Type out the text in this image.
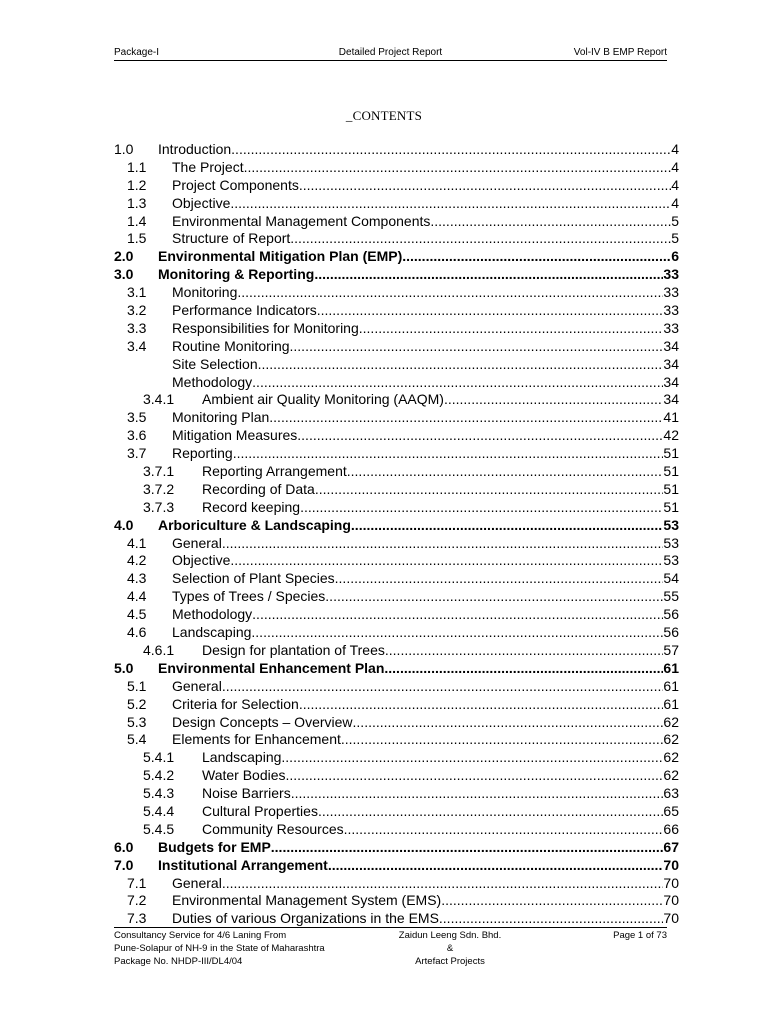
Package-I	Detailed Project Report	Vol-IV B EMP Report
_CONTENTS
1.0 Introduction .....	4
1.1 The Project .....	4
1.2 Project Components .....	4
1.3 Objective .....	4
1.4 Environmental Management Components .....	5
1.5 Structure of Report .....	5
2.0 Environmental Mitigation Plan (EMP) .....	6
3.0 Monitoring & Reporting .....	33
3.1 Monitoring .....	33
3.2 Performance Indicators .....	33
3.3 Responsibilities for Monitoring .....	33
3.4 Routine Monitoring .....	34
Site Selection .....	34
Methodology .....	34
3.4.1 Ambient air Quality Monitoring (AAQM) .....	34
3.5 Monitoring Plan .....	41
3.6 Mitigation Measures .....	42
3.7 Reporting .....	51
3.7.1 Reporting Arrangement .....	51
3.7.2 Recording of Data .....	51
3.7.3 Record keeping .....	51
4.0 Arboriculture & Landscaping .....	53
4.1 General .....	53
4.2 Objective .....	53
4.3 Selection of Plant Species .....	54
4.4 Types of Trees / Species .....	55
4.5 Methodology .....	56
4.6 Landscaping .....	56
4.6.1 Design for plantation of Trees .....	57
5.0 Environmental Enhancement Plan .....	61
5.1 General .....	61
5.2 Criteria for Selection .....	61
5.3 Design Concepts – Overview .....	62
5.4 Elements for Enhancement .....	62
5.4.1 Landscaping .....	62
5.4.2 Water Bodies .....	62
5.4.3 Noise Barriers .....	63
5.4.4 Cultural Properties .....	65
5.4.5 Community Resources .....	66
6.0 Budgets for EMP .....	67
7.0 Institutional Arrangement .....	70
7.1 General .....	70
7.2 Environmental Management System (EMS) .....	70
7.3 Duties of various Organizations in the EMS .....	70
Consultancy Service for 4/6 Laning From
Pune-Solapur of NH-9 in the State of Maharashtra
Package No. NHDP-III/DL4/04
Zaidun Leeng Sdn. Bhd.
&
Artefact Projects
Page 1 of 73
